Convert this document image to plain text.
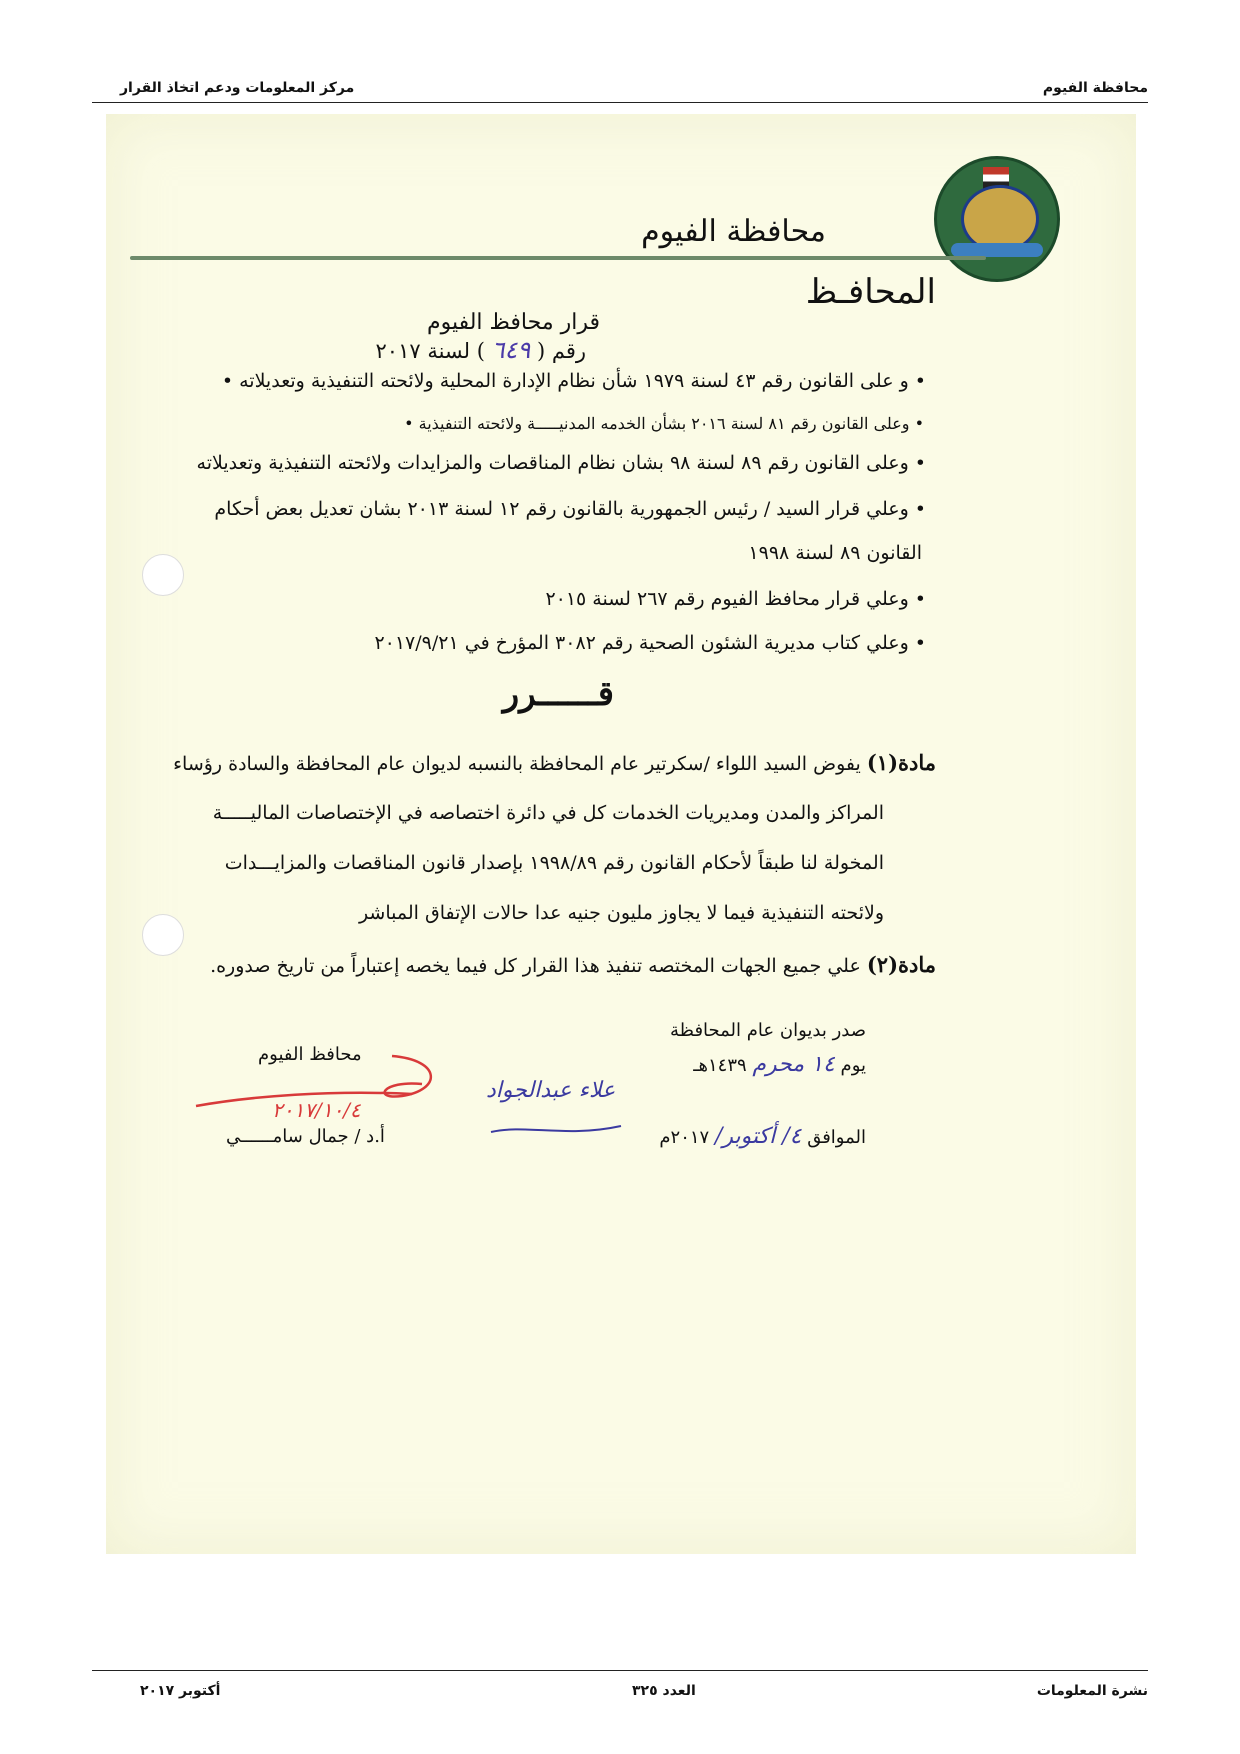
محافظة الفيوم
مركز المعلومات ودعم اتخاذ القرار
محافظة الفيوم
المحافـظ
قرار محافظ الفيوم
رقم ( ٦٤٩ ) لسنة ٢٠١٧
• و على القانون رقم ٤٣ لسنة ١٩٧٩ شأن نظام الإدارة المحلية ولائحته التنفيذية وتعديلاته •
• وعلى القانون رقم ٨١ لسنة ٢٠١٦ بشأن الخدمه المدنيـــــة ولائحته التنفيذية •
• وعلى القانون رقم ٨٩ لسنة ٩٨ بشان نظام المناقصات والمزايدات ولائحته التنفيذية وتعديلاته
• وعلي قرار السيد / رئيس الجمهورية بالقانون رقم ١٢ لسنة ٢٠١٣ بشان تعديل بعض أحكام
القانون ٨٩ لسنة ١٩٩٨
• وعلي قرار محافظ الفيوم رقم ٢٦٧ لسنة ٢٠١٥
• وعلي كتاب مديرية الشئون الصحية رقم ٣٠٨٢ المؤرخ في ٢٠١٧/٩/٢١
قــــــرر
مادة(١) يفوض السيد اللواء /سكرتير عام المحافظة بالنسبه لديوان عام المحافظة والسادة رؤساء
المراكز والمدن ومديريات الخدمات كل في دائرة اختصاصه في الإختصاصات الماليـــــة
المخولة لنا طبقاً لأحكام القانون رقم ١٩٩٨/٨٩ بإصدار قانون المناقصات والمزايـــدات
ولائحته التنفيذية فيما لا يجاوز مليون جنيه عدا حالات الإتفاق المباشر
مادة(٢) علي جميع الجهات المختصه تنفيذ هذا القرار كل فيما يخصه إعتباراً من تاريخ صدوره.
صدر بديوان عام المحافظة
يوم ١٤ محرم ١٤٣٩هـ
الموافق ٤/ أكتوبر/ ٢٠١٧م
علاء عبدالجواد
محافظ الفيوم
٢٠١٧/١٠/٤
أ.د / جمال سامــــــي
نشرة المعلومات
العدد ٣٢٥
أكتوبر ٢٠١٧
